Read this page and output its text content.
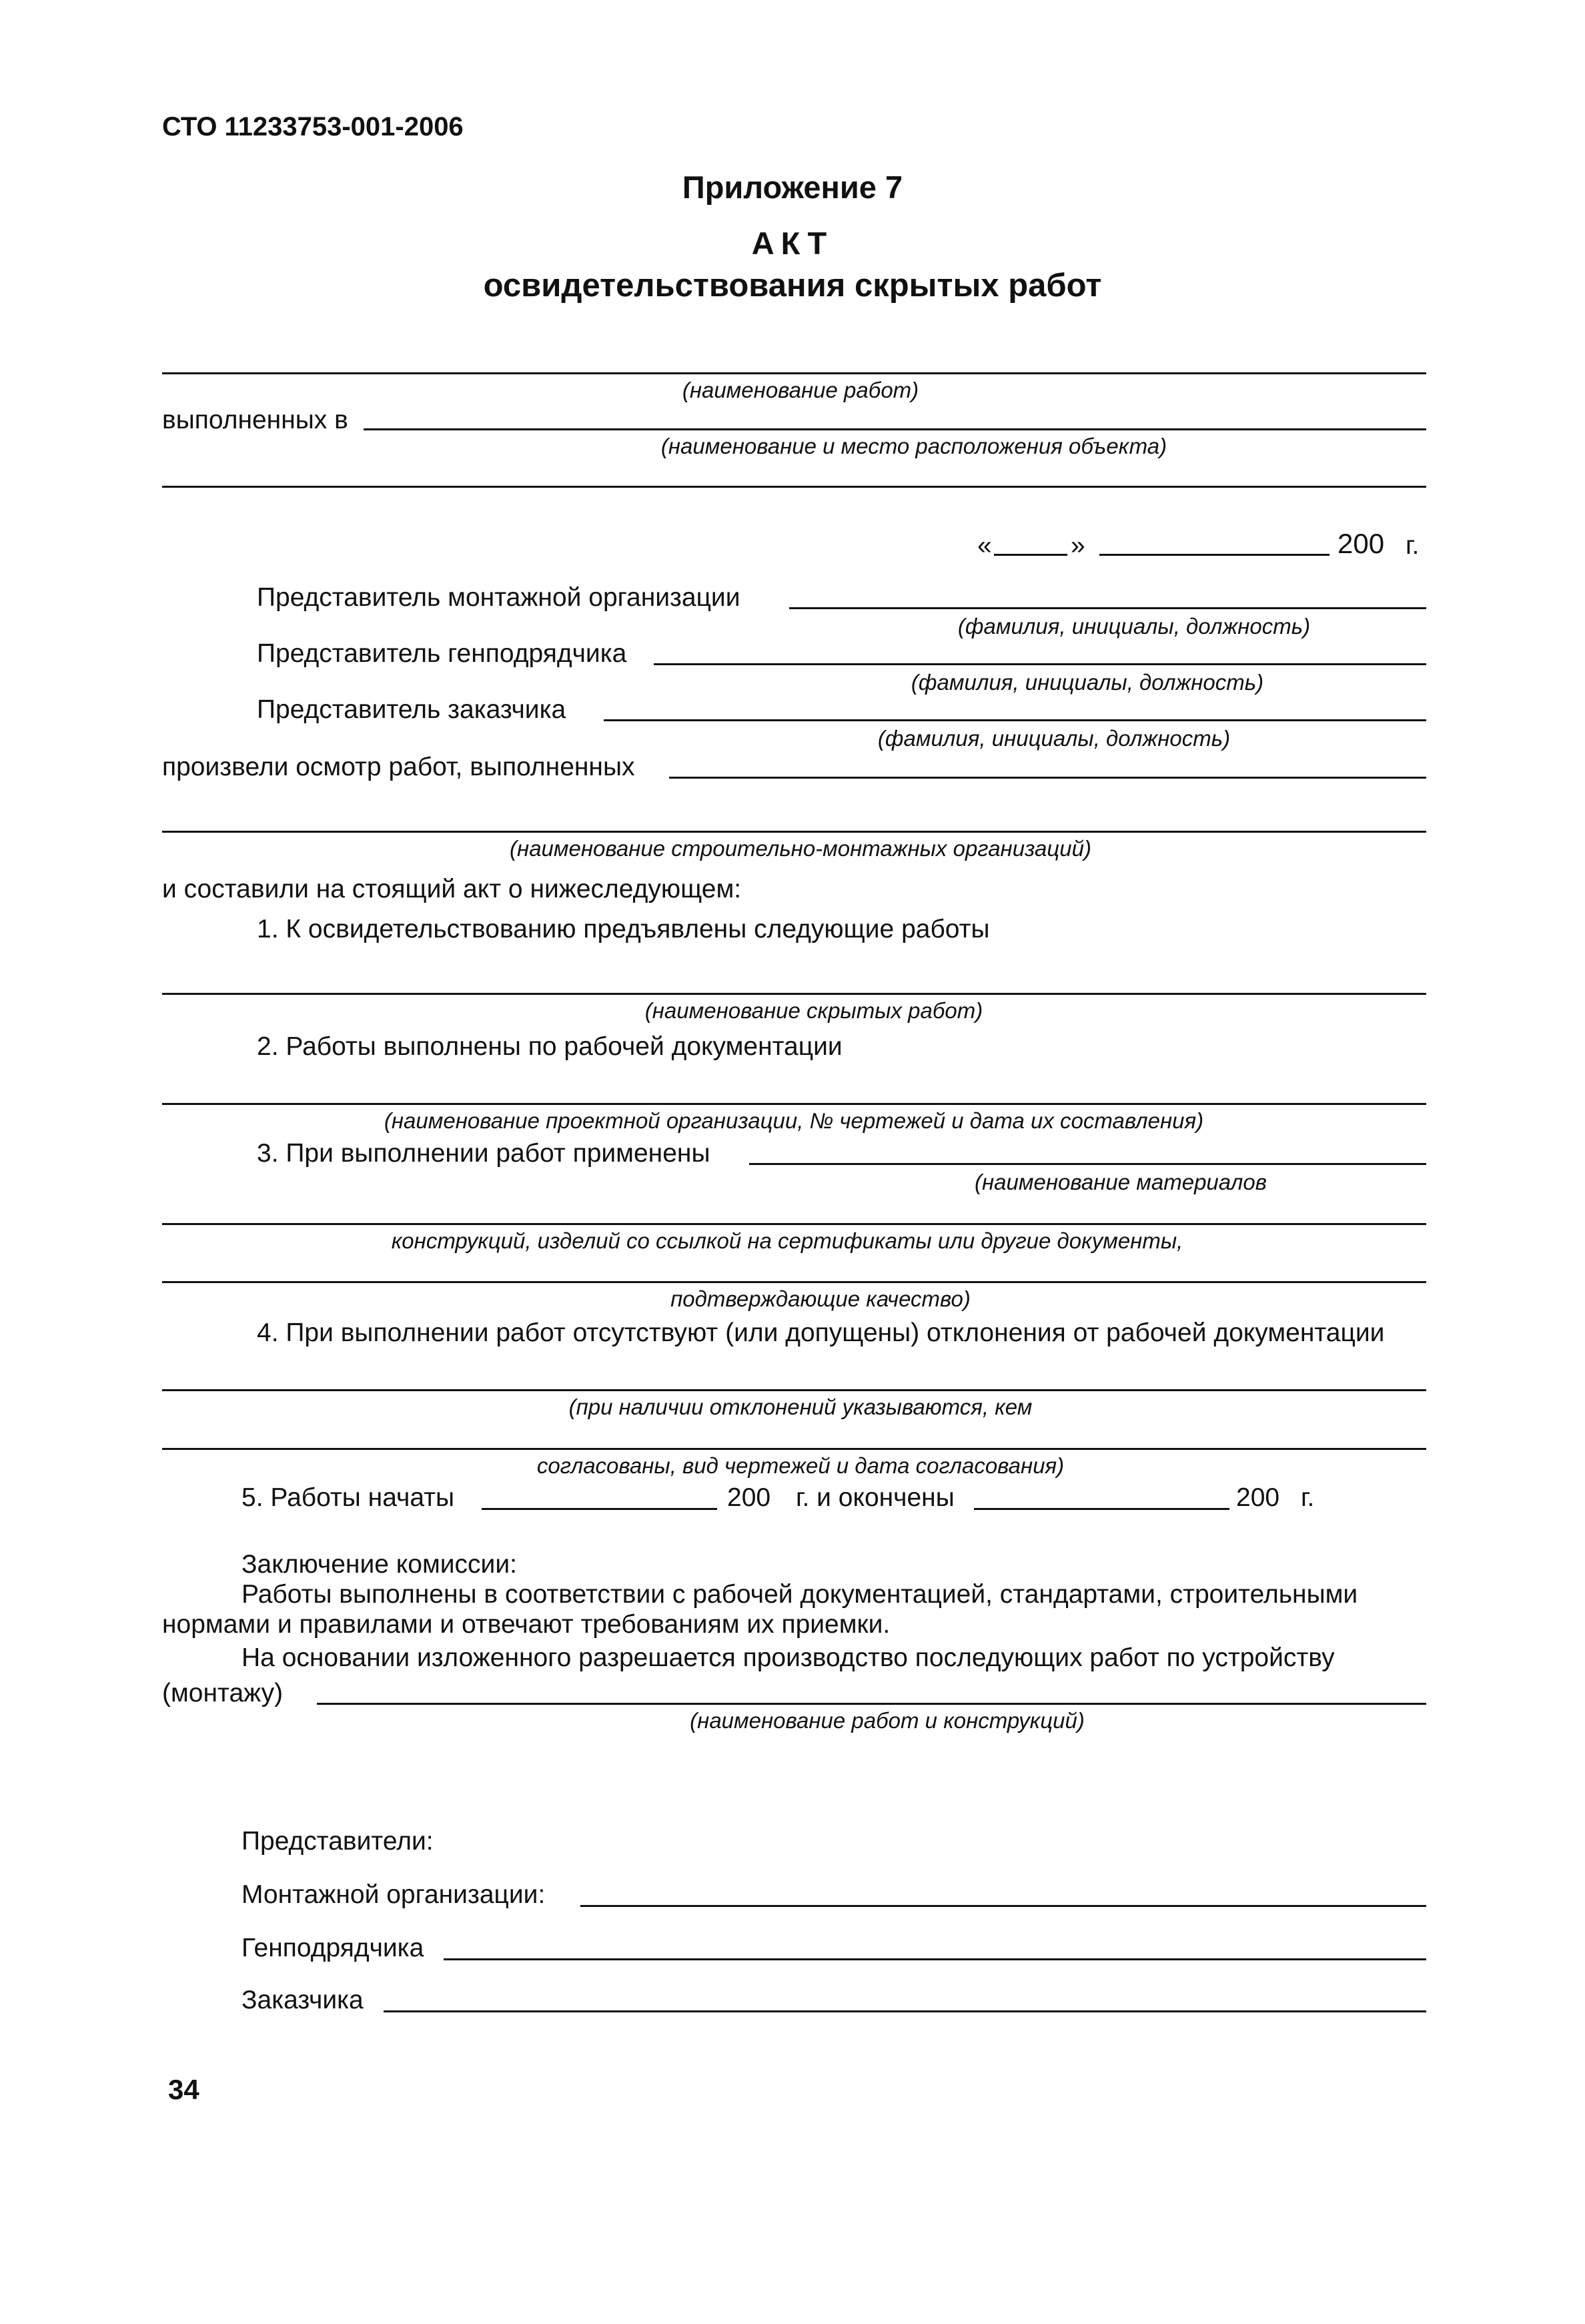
СТО 11233753-001-2006
Приложение 7
АКТ
освидетельствования скрытых работ
(наименование работ)
выполненных в
(наименование и место расположения объекта)
«	»	200 г.
Представитель монтажной организации
(фамилия, инициалы, должность)
Представитель генподрядчика
(фамилия, инициалы, должность)
Представитель заказчика
(фамилия, инициалы, должность)
произвели осмотр работ, выполненных
(наименование строительно-монтажных организаций)
и составили на стоящий акт о нижеследующем:
1. К освидетельствованию предъявлены следующие работы
(наименование скрытых работ)
2. Работы выполнены по рабочей документации
(наименование проектной организации, № чертежей и дата их составления)
3. При выполнении работ применены
(наименование материалов
конструкций, изделий со ссылкой на сертификаты или другие документы,
подтверждающие качество)
4. При выполнении работ отсутствуют (или допущены) отклонения от рабочей документации
(при наличии отклонений указываются, кем
согласованы, вид чертежей и дата согласования)
5. Работы начаты	200 г. и окончены	200 г.
Заключение комиссии:
Работы выполнены в соответствии с рабочей документацией, стандартами, строительными
нормами и правилами и отвечают требованиям их приемки.
На основании изложенного разрешается производство последующих работ по устройству
(монтажу)
(наименование работ и конструкций)
Представители:
Монтажной организации:
Генподрядчика
Заказчика
34
